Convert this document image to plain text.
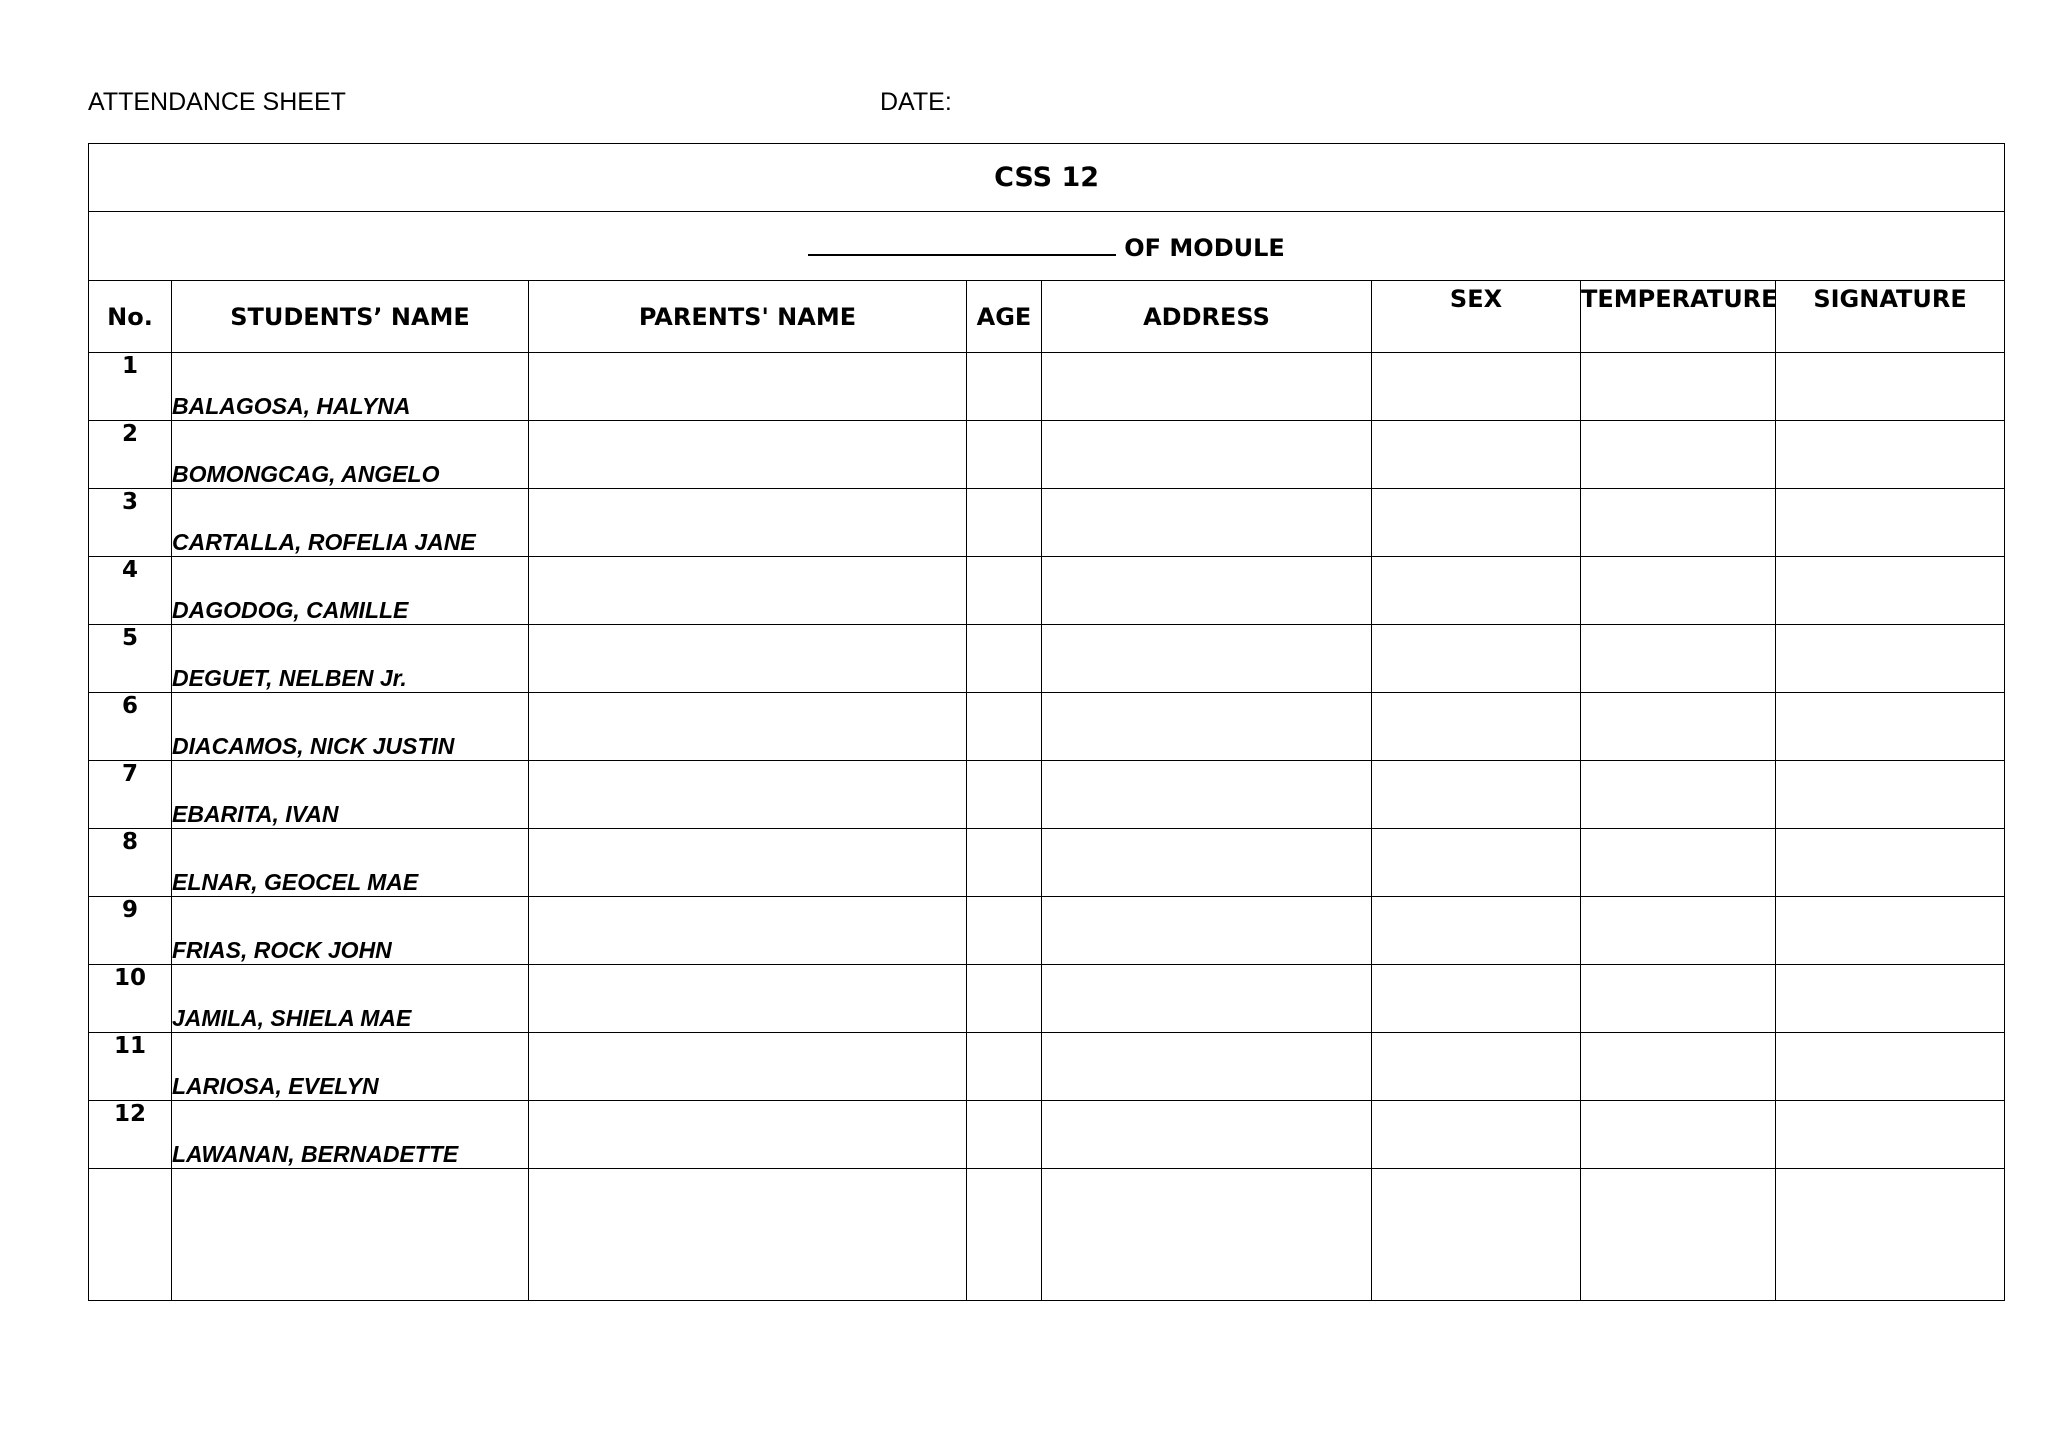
ATTENDANCE SHEET	DATE:
CSS 12							
OF MODULE							
No.	STUDENTS’ NAME	PARENTS' NAME	AGE	ADDRESS	SEX	TEMPERATURE	SIGNATURE
1	BALAGOSA, HALYNA						
2	BOMONGCAG, ANGELO						
3	CARTALLA, ROFELIA JANE						
4	DAGODOG, CAMILLE						
5	DEGUET, NELBEN Jr.						
6	DIACAMOS, NICK JUSTIN						
7	EBARITA, IVAN						
8	ELNAR, GEOCEL MAE						
9	FRIAS, ROCK JOHN						
10	JAMILA, SHIELA MAE						
11	LARIOSA, EVELYN						
12	LAWANAN, BERNADETTE						
